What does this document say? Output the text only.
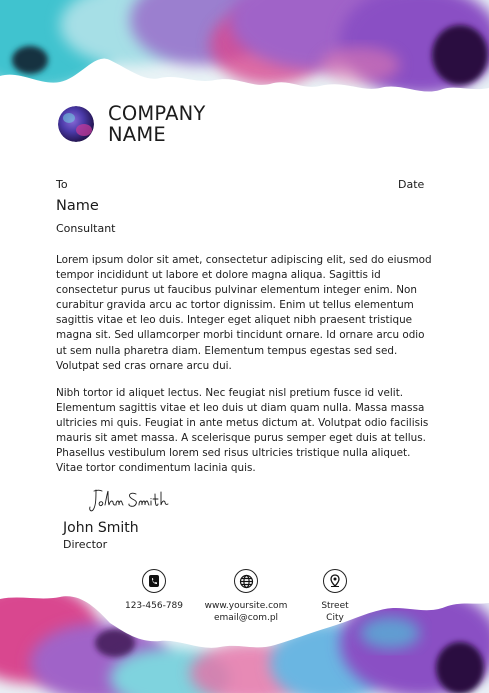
COMPANY
NAME
To	Date
Name
Consultant

Lorem ipsum dolor sit amet, consectetur adipiscing elit, sed do eiusmod tempor incididunt ut labore et dolore magna aliqua. Sagittis id consectetur purus ut faucibus pulvinar elementum integer enim. Non curabitur gravida arcu ac tortor dignissim. Enim ut tellus elementum sagittis vitae et leo duis. Integer eget aliquet nibh praesent tristique magna sit. Sed ullamcorper morbi tincidunt ornare. Id ornare arcu odio ut sem nulla pharetra diam. Elementum tempus egestas sed sed. Volutpat sed cras ornare arcu dui.

Nibh tortor id aliquet lectus. Nec feugiat nisl pretium fusce id velit. Elementum sagittis vitae et leo duis ut diam quam nulla. Massa massa ultricies mi quis. Feugiat in ante metus dictum at. Volutpat odio facilisis mauris sit amet massa. A scelerisque purus semper eget duis at tellus. Phasellus vestibulum lorem sed risus ultricies tristique nulla aliquet. Vitae tortor condimentum lacinia quis.

John Smith
Director
123-456-789	www.yoursite.com
email@com.pl
Street
City
